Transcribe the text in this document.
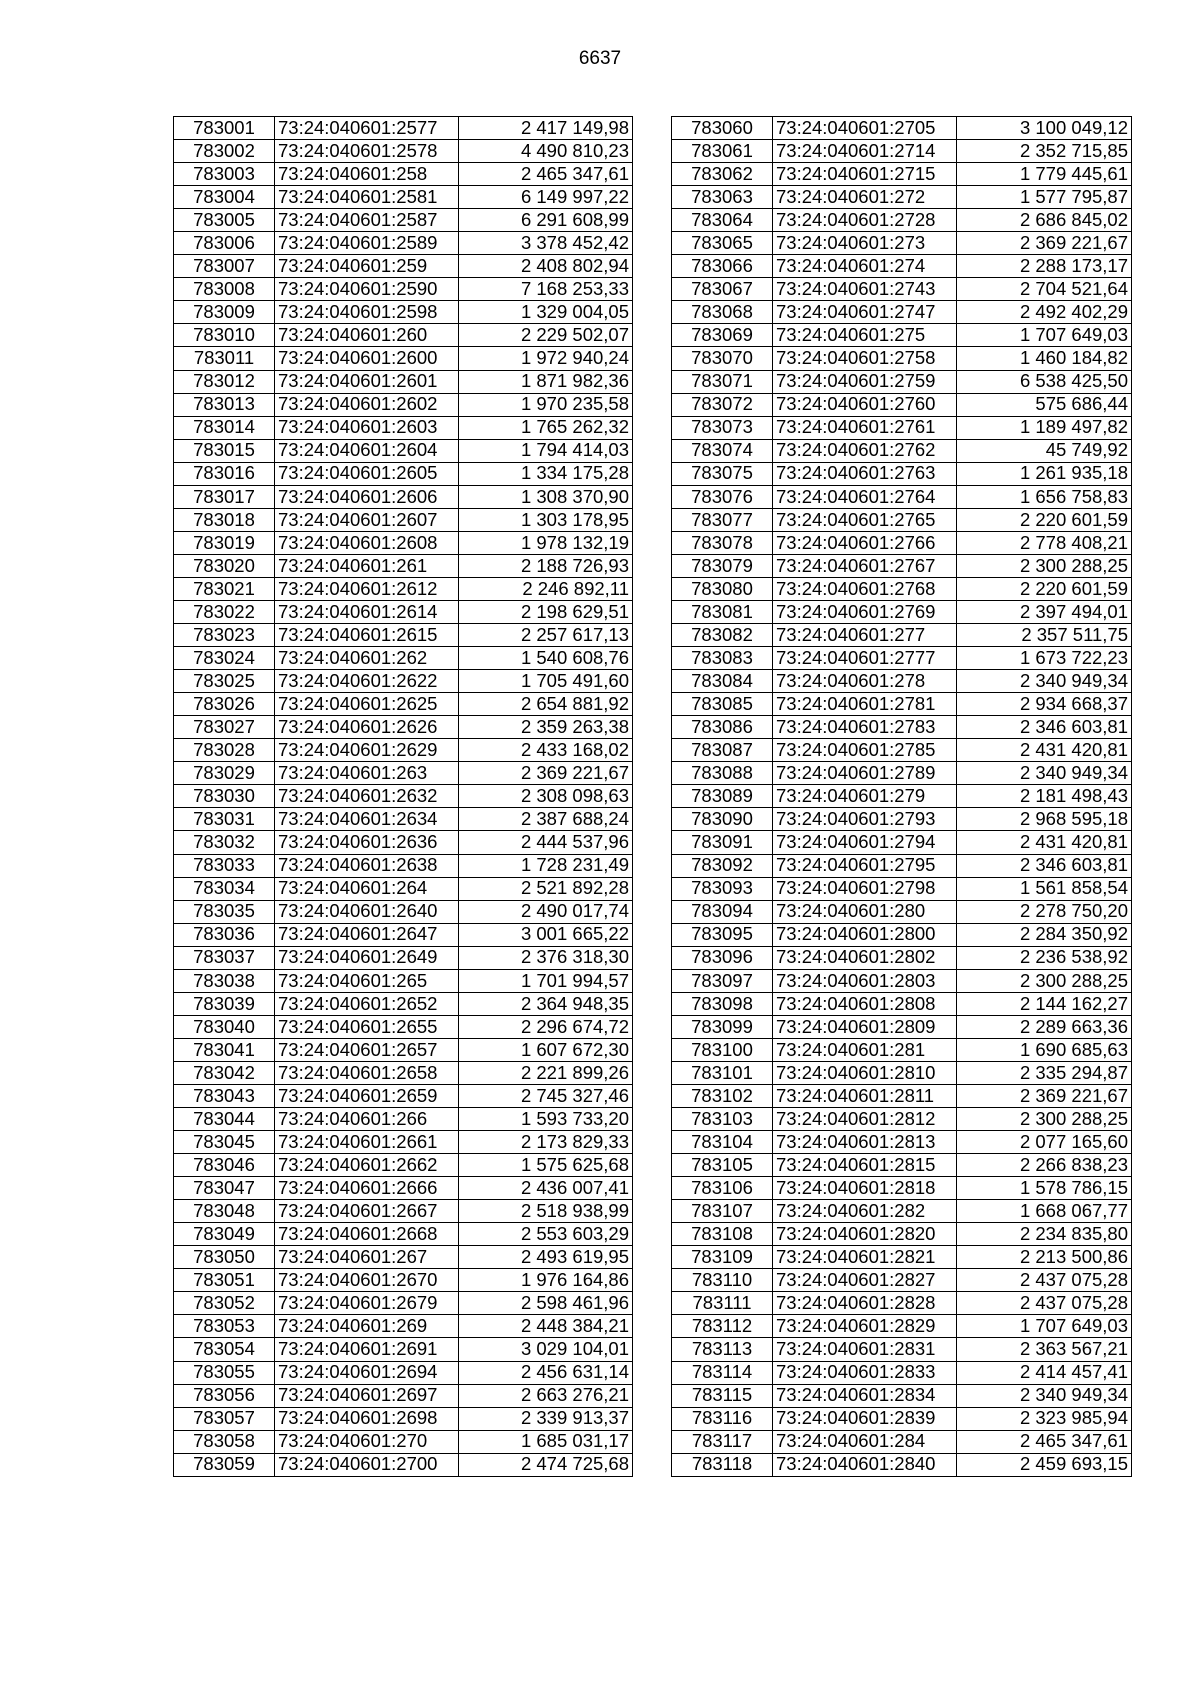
6637
783001	73:24:040601:2577	2 417 149,98
783002	73:24:040601:2578	4 490 810,23
783003	73:24:040601:258	2 465 347,61
783004	73:24:040601:2581	6 149 997,22
783005	73:24:040601:2587	6 291 608,99
783006	73:24:040601:2589	3 378 452,42
783007	73:24:040601:259	2 408 802,94
783008	73:24:040601:2590	7 168 253,33
783009	73:24:040601:2598	1 329 004,05
783010	73:24:040601:260	2 229 502,07
783011	73:24:040601:2600	1 972 940,24
783012	73:24:040601:2601	1 871 982,36
783013	73:24:040601:2602	1 970 235,58
783014	73:24:040601:2603	1 765 262,32
783015	73:24:040601:2604	1 794 414,03
783016	73:24:040601:2605	1 334 175,28
783017	73:24:040601:2606	1 308 370,90
783018	73:24:040601:2607	1 303 178,95
783019	73:24:040601:2608	1 978 132,19
783020	73:24:040601:261	2 188 726,93
783021	73:24:040601:2612	2 246 892,11
783022	73:24:040601:2614	2 198 629,51
783023	73:24:040601:2615	2 257 617,13
783024	73:24:040601:262	1 540 608,76
783025	73:24:040601:2622	1 705 491,60
783026	73:24:040601:2625	2 654 881,92
783027	73:24:040601:2626	2 359 263,38
783028	73:24:040601:2629	2 433 168,02
783029	73:24:040601:263	2 369 221,67
783030	73:24:040601:2632	2 308 098,63
783031	73:24:040601:2634	2 387 688,24
783032	73:24:040601:2636	2 444 537,96
783033	73:24:040601:2638	1 728 231,49
783034	73:24:040601:264	2 521 892,28
783035	73:24:040601:2640	2 490 017,74
783036	73:24:040601:2647	3 001 665,22
783037	73:24:040601:2649	2 376 318,30
783038	73:24:040601:265	1 701 994,57
783039	73:24:040601:2652	2 364 948,35
783040	73:24:040601:2655	2 296 674,72
783041	73:24:040601:2657	1 607 672,30
783042	73:24:040601:2658	2 221 899,26
783043	73:24:040601:2659	2 745 327,46
783044	73:24:040601:266	1 593 733,20
783045	73:24:040601:2661	2 173 829,33
783046	73:24:040601:2662	1 575 625,68
783047	73:24:040601:2666	2 436 007,41
783048	73:24:040601:2667	2 518 938,99
783049	73:24:040601:2668	2 553 603,29
783050	73:24:040601:267	2 493 619,95
783051	73:24:040601:2670	1 976 164,86
783052	73:24:040601:2679	2 598 461,96
783053	73:24:040601:269	2 448 384,21
783054	73:24:040601:2691	3 029 104,01
783055	73:24:040601:2694	2 456 631,14
783056	73:24:040601:2697	2 663 276,21
783057	73:24:040601:2698	2 339 913,37
783058	73:24:040601:270	1 685 031,17
783059	73:24:040601:2700	2 474 725,68
783060	73:24:040601:2705	3 100 049,12
783061	73:24:040601:2714	2 352 715,85
783062	73:24:040601:2715	1 779 445,61
783063	73:24:040601:272	1 577 795,87
783064	73:24:040601:2728	2 686 845,02
783065	73:24:040601:273	2 369 221,67
783066	73:24:040601:274	2 288 173,17
783067	73:24:040601:2743	2 704 521,64
783068	73:24:040601:2747	2 492 402,29
783069	73:24:040601:275	1 707 649,03
783070	73:24:040601:2758	1 460 184,82
783071	73:24:040601:2759	6 538 425,50
783072	73:24:040601:2760	575 686,44
783073	73:24:040601:2761	1 189 497,82
783074	73:24:040601:2762	45 749,92
783075	73:24:040601:2763	1 261 935,18
783076	73:24:040601:2764	1 656 758,83
783077	73:24:040601:2765	2 220 601,59
783078	73:24:040601:2766	2 778 408,21
783079	73:24:040601:2767	2 300 288,25
783080	73:24:040601:2768	2 220 601,59
783081	73:24:040601:2769	2 397 494,01
783082	73:24:040601:277	2 357 511,75
783083	73:24:040601:2777	1 673 722,23
783084	73:24:040601:278	2 340 949,34
783085	73:24:040601:2781	2 934 668,37
783086	73:24:040601:2783	2 346 603,81
783087	73:24:040601:2785	2 431 420,81
783088	73:24:040601:2789	2 340 949,34
783089	73:24:040601:279	2 181 498,43
783090	73:24:040601:2793	2 968 595,18
783091	73:24:040601:2794	2 431 420,81
783092	73:24:040601:2795	2 346 603,81
783093	73:24:040601:2798	1 561 858,54
783094	73:24:040601:280	2 278 750,20
783095	73:24:040601:2800	2 284 350,92
783096	73:24:040601:2802	2 236 538,92
783097	73:24:040601:2803	2 300 288,25
783098	73:24:040601:2808	2 144 162,27
783099	73:24:040601:2809	2 289 663,36
783100	73:24:040601:281	1 690 685,63
783101	73:24:040601:2810	2 335 294,87
783102	73:24:040601:2811	2 369 221,67
783103	73:24:040601:2812	2 300 288,25
783104	73:24:040601:2813	2 077 165,60
783105	73:24:040601:2815	2 266 838,23
783106	73:24:040601:2818	1 578 786,15
783107	73:24:040601:282	1 668 067,77
783108	73:24:040601:2820	2 234 835,80
783109	73:24:040601:2821	2 213 500,86
783110	73:24:040601:2827	2 437 075,28
783111	73:24:040601:2828	2 437 075,28
783112	73:24:040601:2829	1 707 649,03
783113	73:24:040601:2831	2 363 567,21
783114	73:24:040601:2833	2 414 457,41
783115	73:24:040601:2834	2 340 949,34
783116	73:24:040601:2839	2 323 985,94
783117	73:24:040601:284	2 465 347,61
783118	73:24:040601:2840	2 459 693,15
